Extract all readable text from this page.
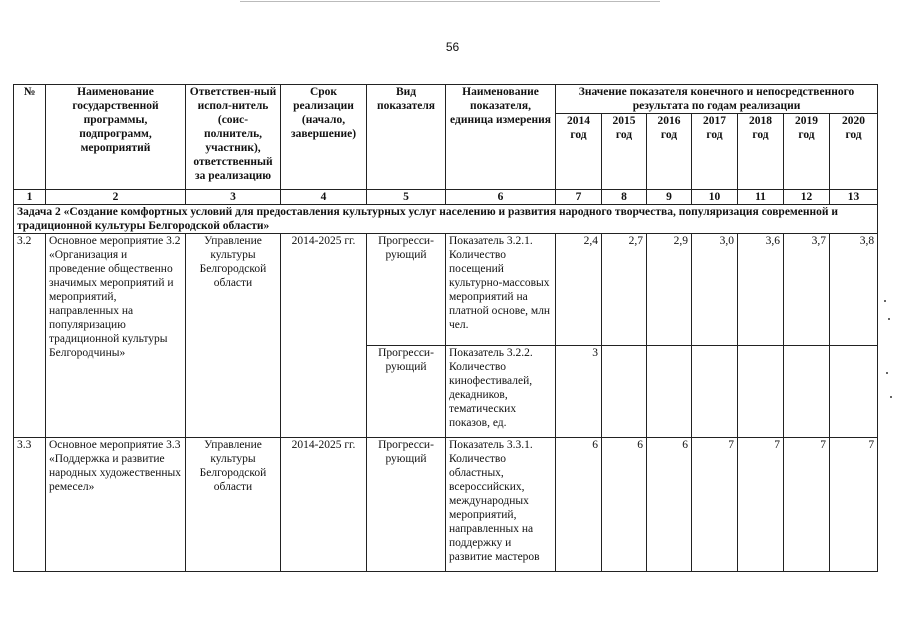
56
№	Наименование государственной программы, подпрограмм, мероприятий	Ответствен-ный испол-нитель (соис-полнитель, участник), ответственный за реализацию	Срок реализации (начало, завершение)	Вид показателя	Наименование показателя, единица измерения	Значение показателя конечного и непосредственного результата по годам реализации						
						2014 год	2015 год	2016 год	2017 год	2018 год	2019 год	2020 год
1	2	3	4	5	6	7	8	9	10	11	12	13
Задача 2 «Создание комфортных условий для предоставления культурных услуг населению и развития народного творчества, популяризация современной и традиционной культуры Белгородской области»												
3.2	Основное мероприятие 3.2 «Организация и проведение общественно значимых мероприятий и мероприятий, направленных на популяризацию традиционной культуры Белгородчины»	Управление культуры Белгородской области	2014-2025 гг.	Прогресси-рующий	Показатель 3.2.1. Количество посещений культурно-массовых мероприятий на платной основе, млн чел.	2,4	2,7	2,9	3,0	3,6	3,7	3,8
				Прогресси-рующий	Показатель 3.2.2. Количество кинофестивалей, декадников, тематических показов, ед.	3						
3.3	Основное мероприятие 3.3 «Поддержка и развитие народных художественных ремесел»	Управление культуры Белгородской области	2014-2025 гг.	Прогресси-рующий	Показатель 3.3.1. Количество областных, всероссийских, международных мероприятий, направленных на поддержку и развитие мастеров	6	6	6	7	7	7	7
